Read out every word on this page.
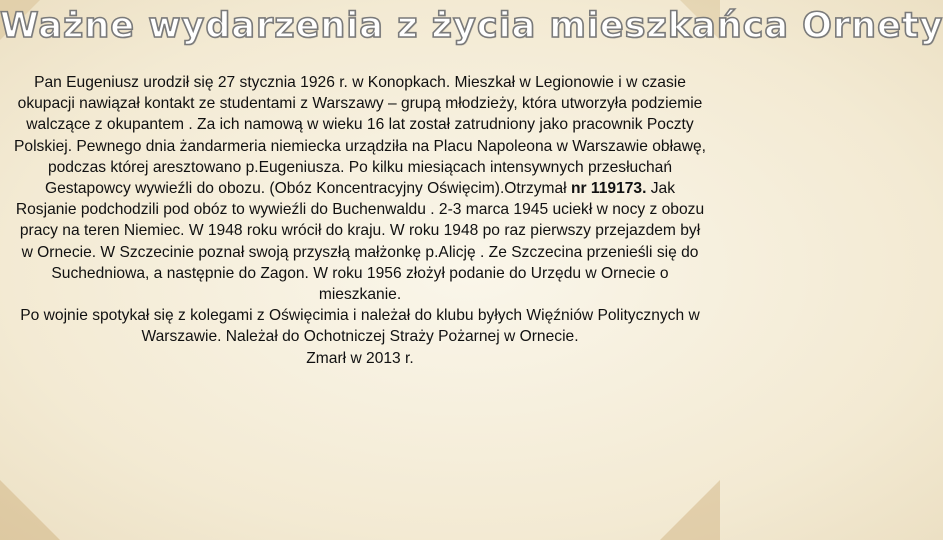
Ważne wydarzenia z życia mieszkańca Ornety

Pan Eugeniusz urodził się 27 stycznia 1926 r. w Konopkach. Mieszkał w Legionowie i w czasie okupacji nawiązał kontakt ze studentami z Warszawy – grupą młodzieży, która utworzyła podziemie walczące z okupantem . Za ich namową w wieku 16 lat został zatrudniony jako pracownik Poczty Polskiej. Pewnego dnia żandarmeria niemiecka urządziła na Placu Napoleona w Warszawie obławę, podczas której aresztowano p.Eugeniusza. Po kilku miesiącach intensywnych przesłuchań Gestapowcy wywieźli do obozu. (Obóz Koncentracyjny Oświęcim).Otrzymał nr 119173. Jak Rosjanie podchodzili pod obóz to wywieźli do Buchenwaldu . 2-3 marca 1945 uciekł w nocy z obozu pracy na teren Niemiec. W 1948 roku wrócił do kraju. W roku 1948 po raz pierwszy przejazdem był w Ornecie. W Szczecinie poznał swoją przyszłą małżonkę p.Alicję . Ze Szczecina przenieśli się do Suchedniowa, a następnie do Zagon. W roku 1956 złożył podanie do Urzędu w Ornecie o mieszkanie.

Po wojnie spotykał się z kolegami z Oświęcimia i należał do klubu byłych Więźniów Politycznych w Warszawie. Należał do Ochotniczej Straży Pożarnej w Ornecie.

Zmarł w 2013 r.
